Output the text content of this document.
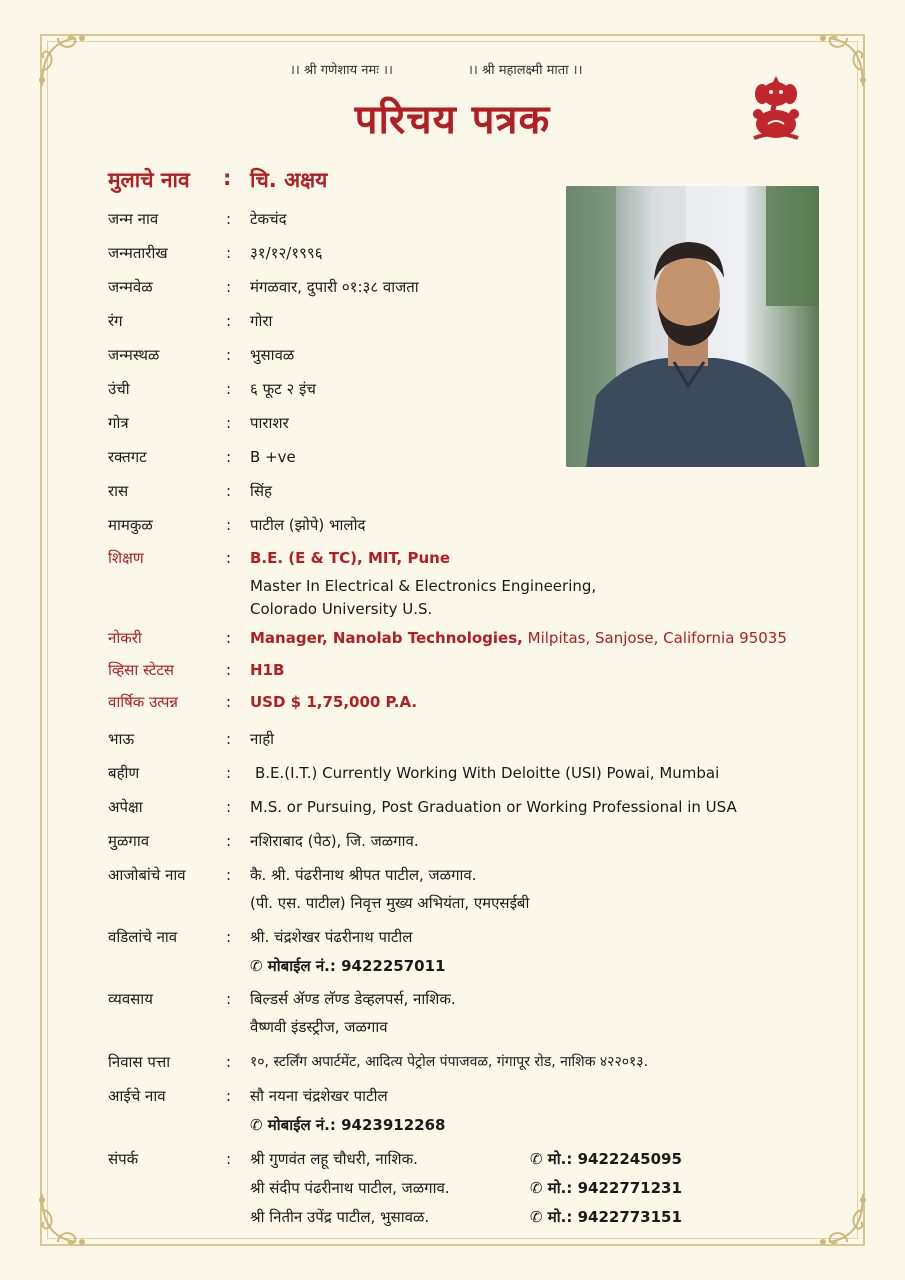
।। श्री गणेशाय नमः ।।	।। श्री महालक्ष्मी माता ।।
परिचय पत्रक
मुलाचे नाव	: चि. अक्षय
जन्म नाव	: टेकचंद
जन्मतारीख	: ३१/१२/१९९६
जन्मवेळ	: मंगळवार, दुपारी ०१:३८ वाजता
रंग	: गोरा
जन्मस्थळ	: भुसावळ
उंची	: ६ फूट २ इंच
गोत्र	: पाराशर
रक्तगट	: B +ve
रास	: सिंह
मामकुळ	: पाटील (झोपे) भालोद
शिक्षण	: B.E. (E & TC), MIT, Pune
Master In Electrical & Electronics Engineering,
Colorado University U.S.
नोकरी	: Manager, Nanolab Technologies, Milpitas, Sanjose, California 95035
व्हिसा स्टेटस	: H1B
वार्षिक उत्पन्न	: USD $ 1,75,000 P.A.
भाऊ	: नाही
बहीण	: B.E.(I.T.) Currently Working With Deloitte (USI) Powai, Mumbai
अपेक्षा	: M.S. or Pursuing, Post Graduation or Working Professional in USA
मुळगाव	: नशिराबाद (पेठ), जि. जळगाव.
आजोबांचे नाव	: कै. श्री. पंढरीनाथ श्रीपत पाटील, जळगाव.
(पी. एस. पाटील) निवृत्त मुख्य अभियंता, एमएसईबी
वडिलांचे नाव	: श्री. चंद्रशेखर पंढरीनाथ पाटील
✆ मोबाईल नं.: 9422257011
व्यवसाय	: बिल्डर्स ॲण्ड लॅण्ड डेव्हलपर्स, नाशिक.
वैष्णवी इंडस्ट्रीज, जळगाव
निवास पत्ता	: १०, स्टर्लिंग अपार्टमेंट, आदित्य पेट्रोल पंपाजवळ, गंगापूर रोड, नाशिक ४२२०१३.
आईचे नाव	: सौ नयना चंद्रशेखर पाटील
✆ मोबाईल नं.: 9423912268
संपर्क	: श्री गुणवंत लहू चौधरी, नाशिक.	✆ मो.: 9422245095
श्री संदीप पंढरीनाथ पाटील, जळगाव.	✆ मो.: 9422771231
श्री नितीन उपेंद्र पाटील, भुसावळ.	✆ मो.: 9422773151
